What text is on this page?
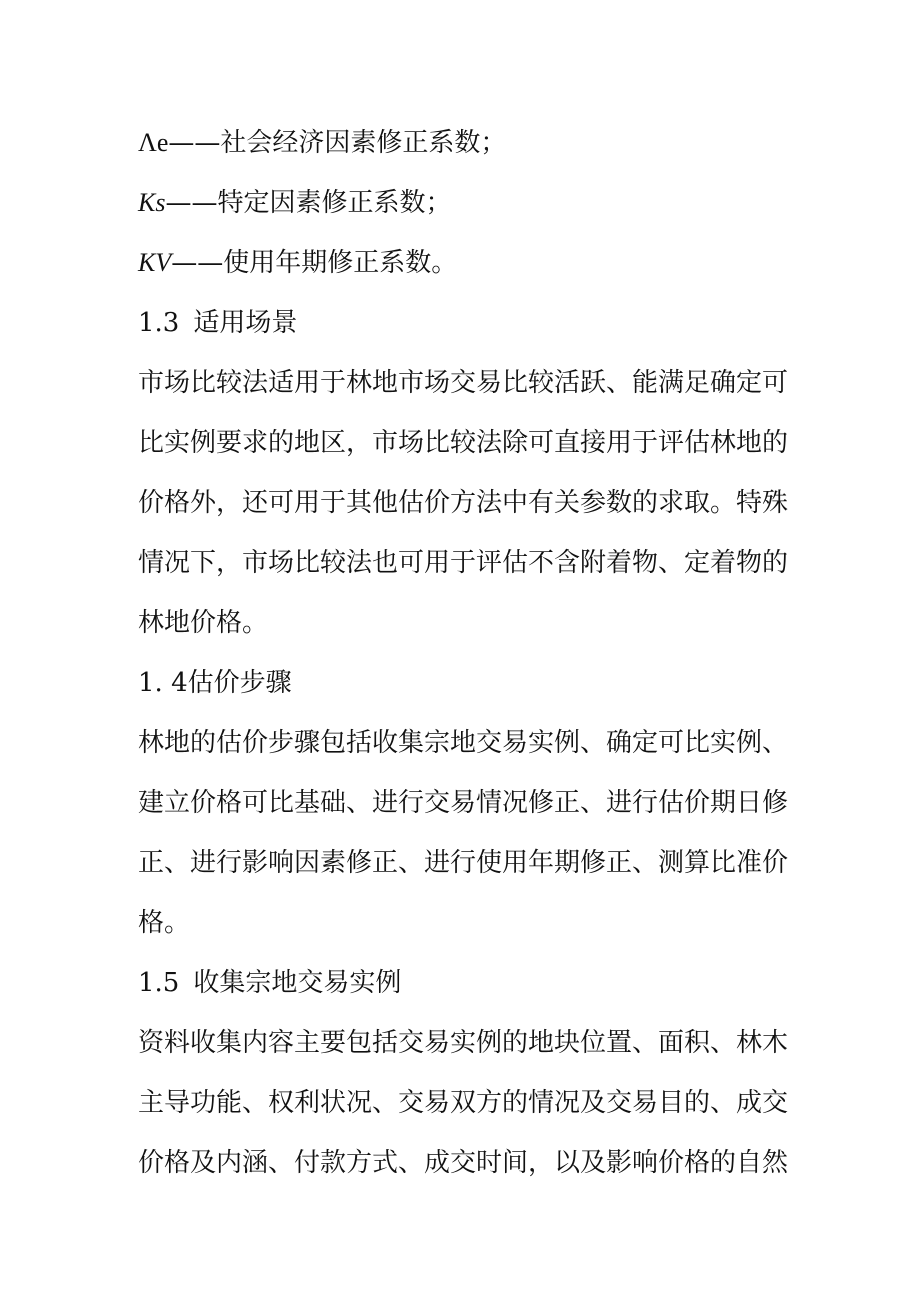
Λe——社会经济因素修正系数；
Ks——特定因素修正系数；
KV——使用年期修正系数。
1.3 适用场景
市场比较法适用于林地市场交易比较活跃、能满足确定可
比实例要求的地区，市场比较法除可直接用于评估林地的
价格外，还可用于其他估价方法中有关参数的求取。特殊
情况下，市场比较法也可用于评估不含附着物、定着物的
林地价格。
1. 4估价步骤
林地的估价步骤包括收集宗地交易实例、确定可比实例、
建立价格可比基础、进行交易情况修正、进行估价期日修
正、进行影响因素修正、进行使用年期修正、测算比准价
格。
1.5 收集宗地交易实例
资料收集内容主要包括交易实例的地块位置、面积、林木
主导功能、权利状况、交易双方的情况及交易目的、成交
价格及内涵、付款方式、成交时间，以及影响价格的自然
